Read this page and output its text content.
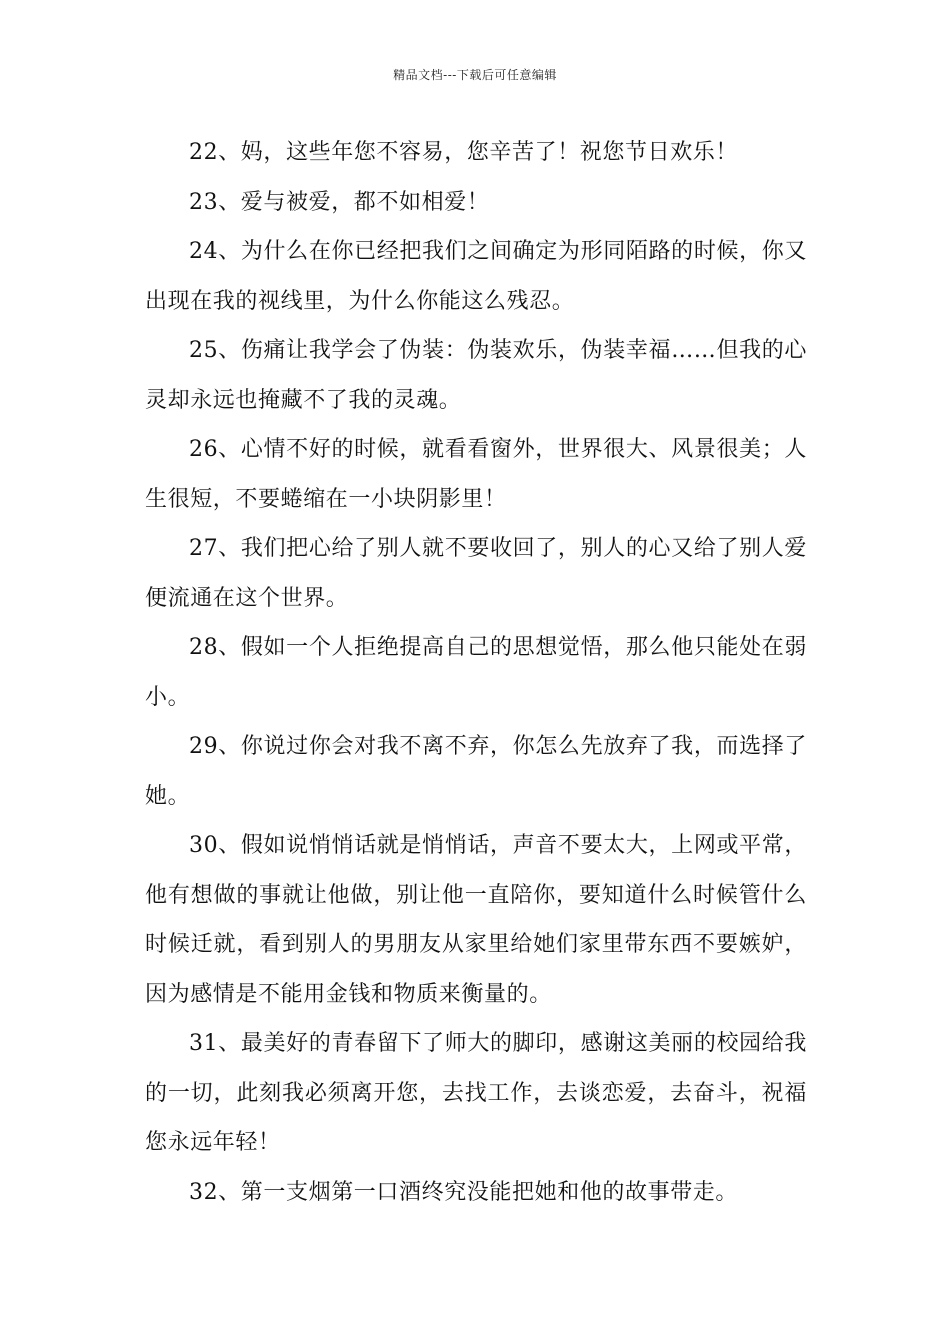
精品文档---下载后可任意编辑

22、妈，这些年您不容易，您辛苦了！祝您节日欢乐！

23、爱与被爱，都不如相爱！

24、为什么在你已经把我们之间确定为形同陌路的时候，你又出现在我的视线里，为什么你能这么残忍。

25、伤痛让我学会了伪装：伪装欢乐，伪装幸福……但我的心灵却永远也掩藏不了我的灵魂。

26、心情不好的时候，就看看窗外，世界很大、风景很美；人生很短，不要蜷缩在一小块阴影里！

27、我们把心给了别人就不要收回了，别人的心又给了别人爱便流通在这个世界。

28、假如一个人拒绝提高自己的思想觉悟，那么他只能处在弱小。

29、你说过你会对我不离不弃，你怎么先放弃了我，而选择了她。

30、假如说悄悄话就是悄悄话，声音不要太大，上网或平常，他有想做的事就让他做，别让他一直陪你，要知道什么时候管什么时候迁就，看到别人的男朋友从家里给她们家里带东西不要嫉妒，因为感情是不能用金钱和物质来衡量的。

31、最美好的青春留下了师大的脚印，感谢这美丽的校园给我的一切，此刻我必须离开您，去找工作，去谈恋爱，去奋斗，祝福您永远年轻！

32、第一支烟第一口酒终究没能把她和他的故事带走。
